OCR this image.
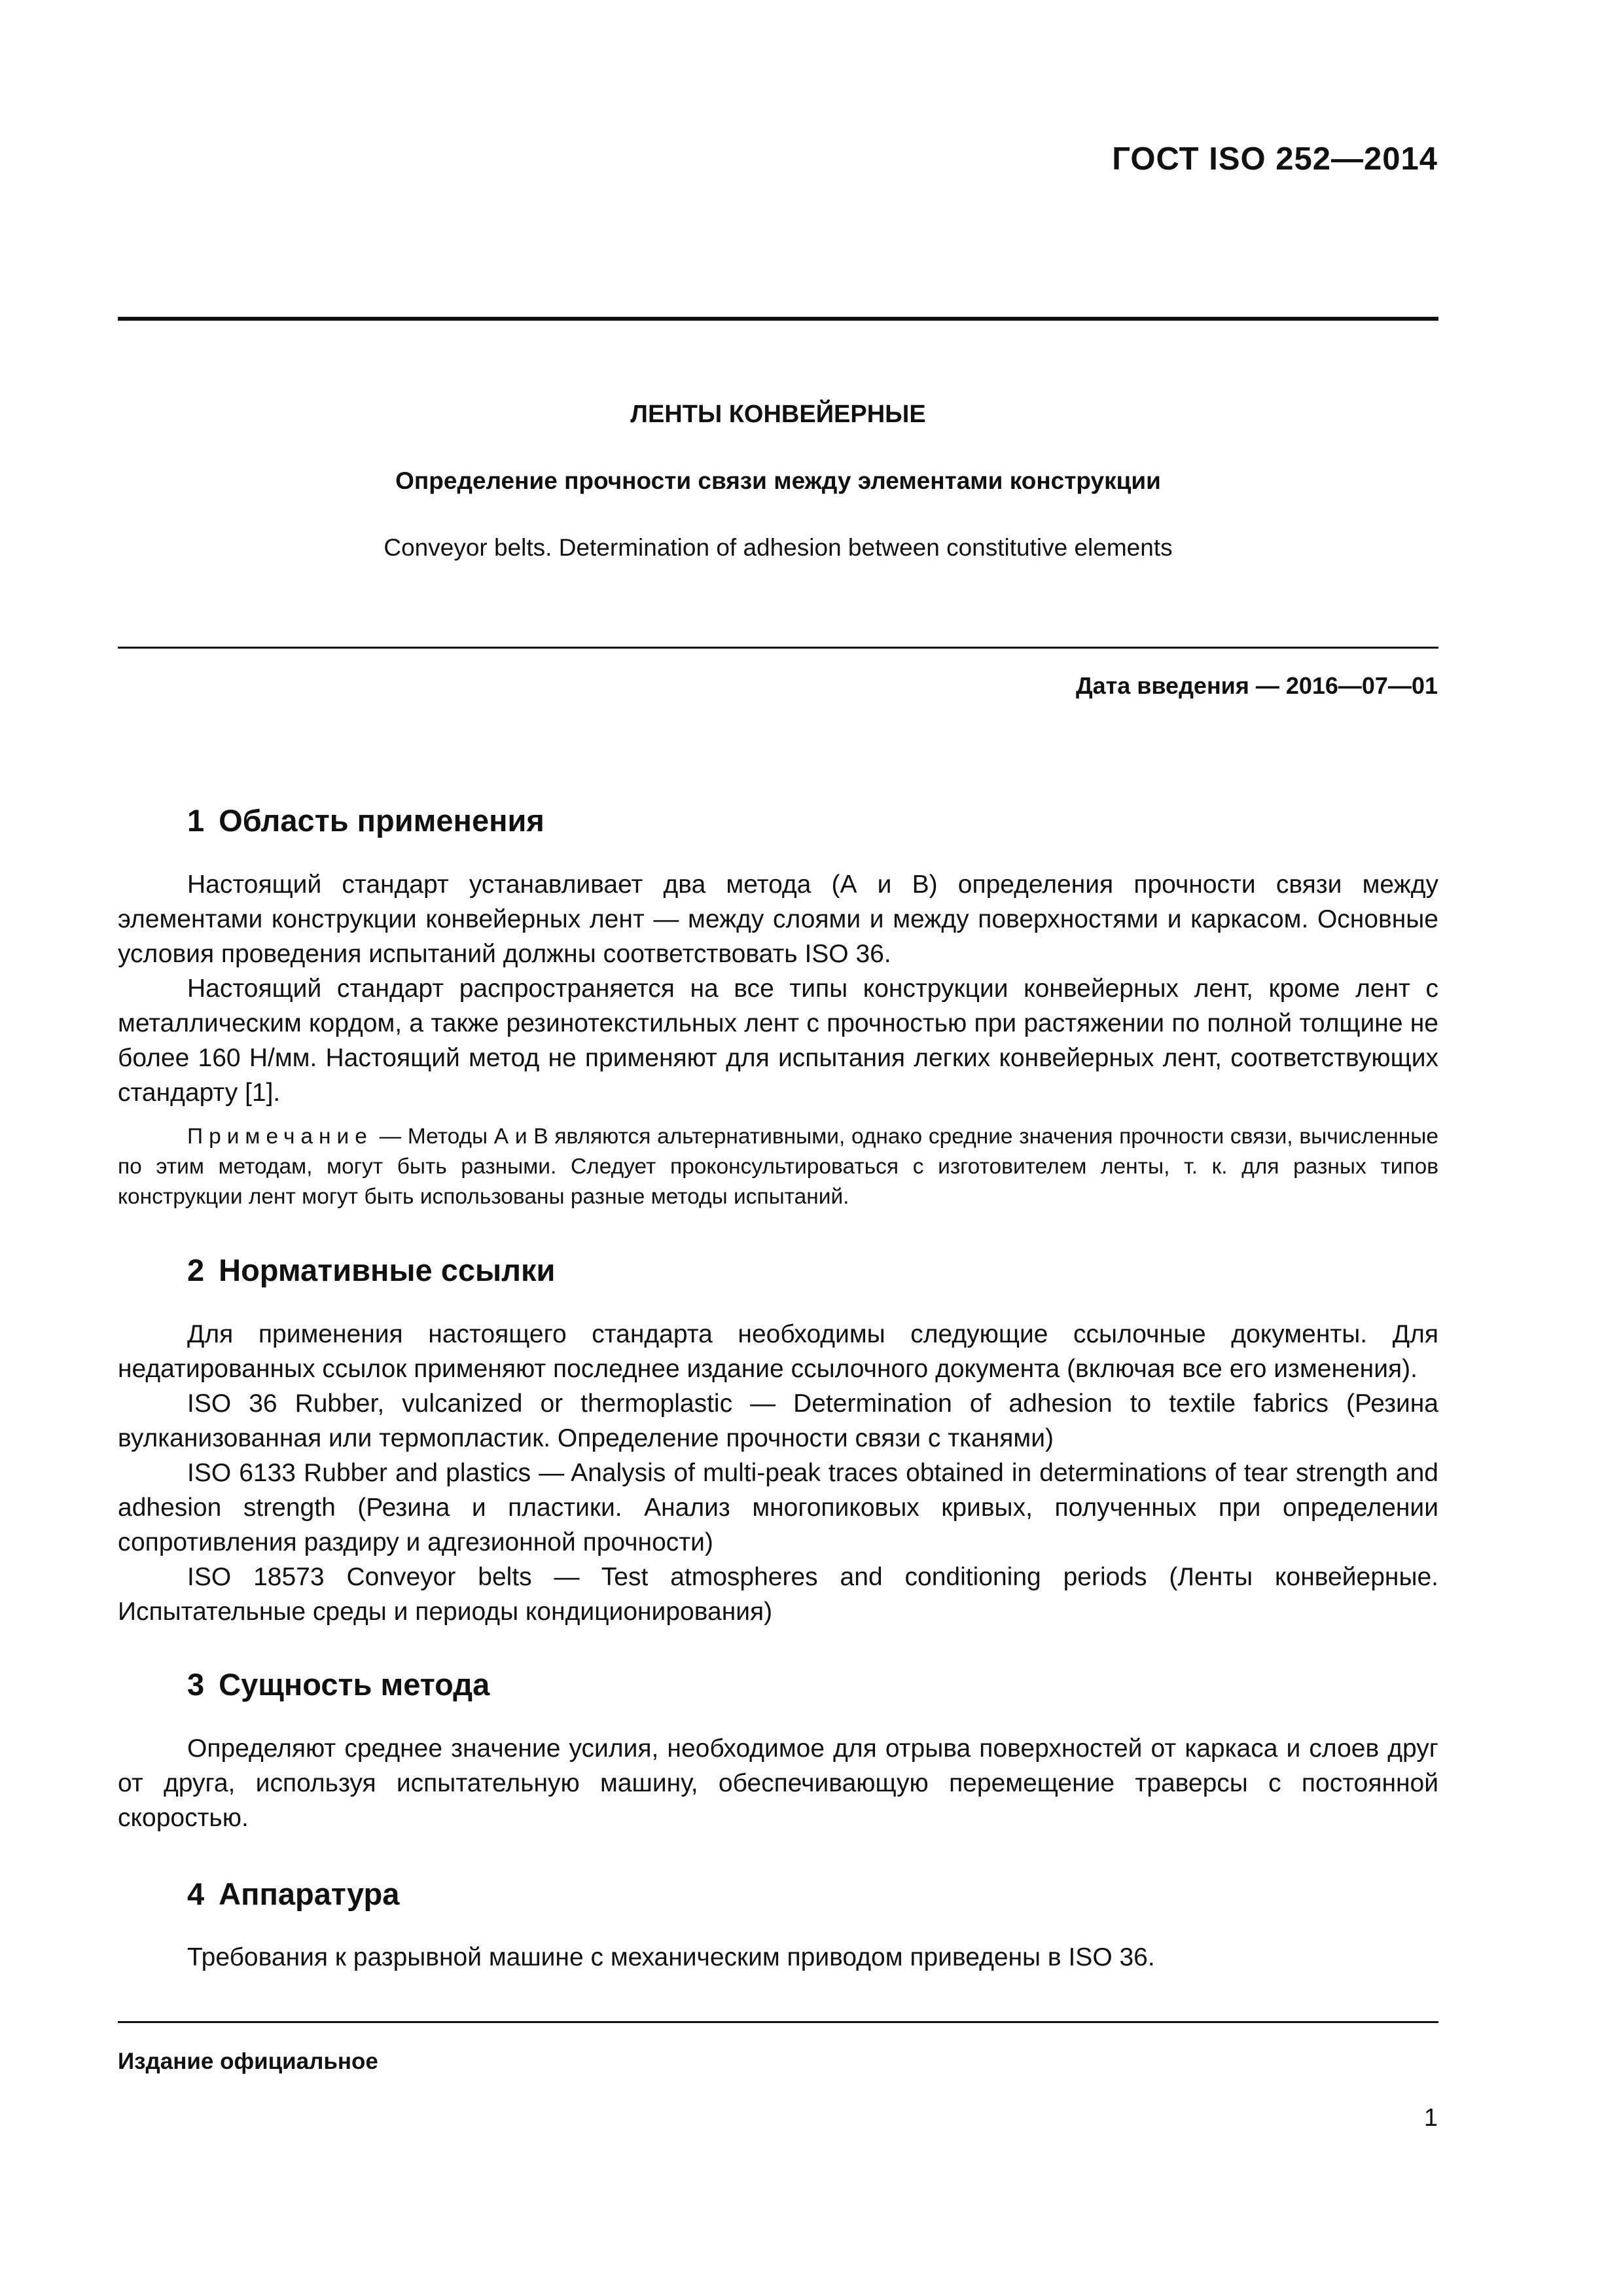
ГОСТ ISO 252—2014
ЛЕНТЫ КОНВЕЙЕРНЫЕ
Определение прочности связи между элементами конструкции
Conveyor belts. Determination of adhesion between constitutive elements
Дата введения — 2016—07—01
1 Область применения

Настоящий стандарт устанавливает два метода (А и В) определения прочности связи между элементами конструкции конвейерных лент — между слоями и между поверхностями и каркасом. Основные условия проведения испытаний должны соответствовать ISO 36.

Настоящий стандарт распространяется на все типы конструкции конвейерных лент, кроме лент с металлическим кордом, а также резинотекстильных лент с прочностью при растяжении по полной толщине не более 160 Н/мм. Настоящий метод не применяют для испытания легких конвейерных лент, соответствующих стандарту [1].

Примечание — Методы А и В являются альтернативными, однако средние значения прочности связи, вычисленные по этим методам, могут быть разными. Следует проконсультироваться с изготовителем ленты, т. к. для разных типов конструкции лент могут быть использованы разные методы испытаний.

2 Нормативные ссылки

Для применения настоящего стандарта необходимы следующие ссылочные документы. Для недатированных ссылок применяют последнее издание ссылочного документа (включая все его изменения).

ISO 36 Rubber, vulcanized or thermoplastic — Determination of adhesion to textile fabrics (Резина вулканизованная или термопластик. Определение прочности связи с тканями)

ISO 6133 Rubber and plastics — Analysis of multi-peak traces obtained in determinations of tear strength and adhesion strength (Резина и пластики. Анализ многопиковых кривых, полученных при определении сопротивления раздиру и адгезионной прочности)

ISO 18573 Conveyor belts — Test atmospheres and conditioning periods (Ленты конвейерные. Испытательные среды и периоды кондиционирования)

3 Сущность метода

Определяют среднее значение усилия, необходимое для отрыва поверхностей от каркаса и слоев друг от друга, используя испытательную машину, обеспечивающую перемещение траверсы с постоянной скоростью.

4 Аппаратура

Требования к разрывной машине с механическим приводом приведены в ISO 36.

Издание официальное
1
